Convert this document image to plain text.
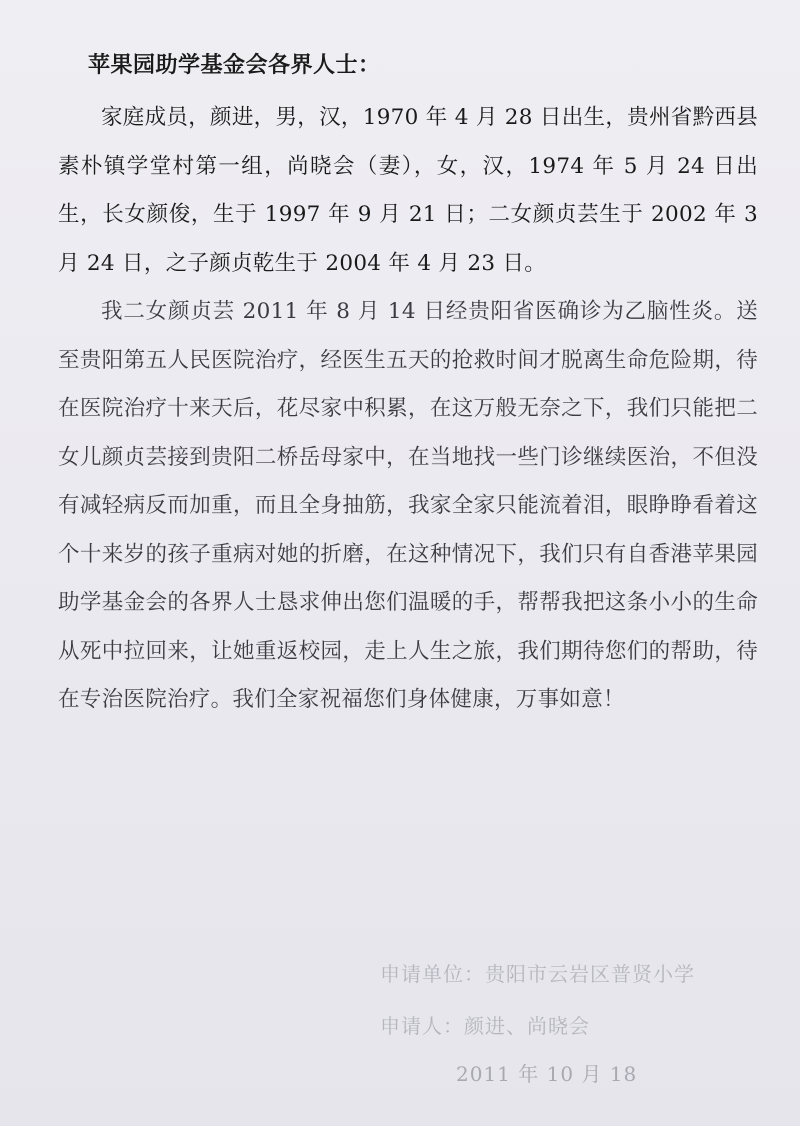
苹果园助学基金会各界人士：

家庭成员，颜进，男，汉，1970 年 4 月 28 日出生，贵州省黔西县素朴镇学堂村第一组，尚晓会（妻），女，汉，1974 年 5 月 24 日出生，长女颜俊，生于 1997 年 9 月 21 日；二女颜贞芸生于 2002 年 3 月 24 日，之子颜贞乾生于 2004 年 4 月 23 日。

我二女颜贞芸 2011 年 8 月 14 日经贵阳省医确诊为乙脑性炎。送至贵阳第五人民医院治疗，经医生五天的抢救时间才脱离生命危险期，待在医院治疗十来天后，花尽家中积累，在这万般无奈之下，我们只能把二女儿颜贞芸接到贵阳二桥岳母家中，在当地找一些门诊继续医治，不但没有减轻病反而加重，而且全身抽筋，我家全家只能流着泪，眼睁睁看着这个十来岁的孩子重病对她的折磨，在这种情况下，我们只有自香港苹果园助学基金会的各界人士恳求伸出您们温暖的手，帮帮我把这条小小的生命从死中拉回来，让她重返校园，走上人生之旅，我们期待您们的帮助，待在专治医院治疗。我们全家祝福您们身体健康，万事如意！

申请单位：贵阳市云岩区普贤小学

申请人：颜进、尚晓会

2011 年 10 月 18
